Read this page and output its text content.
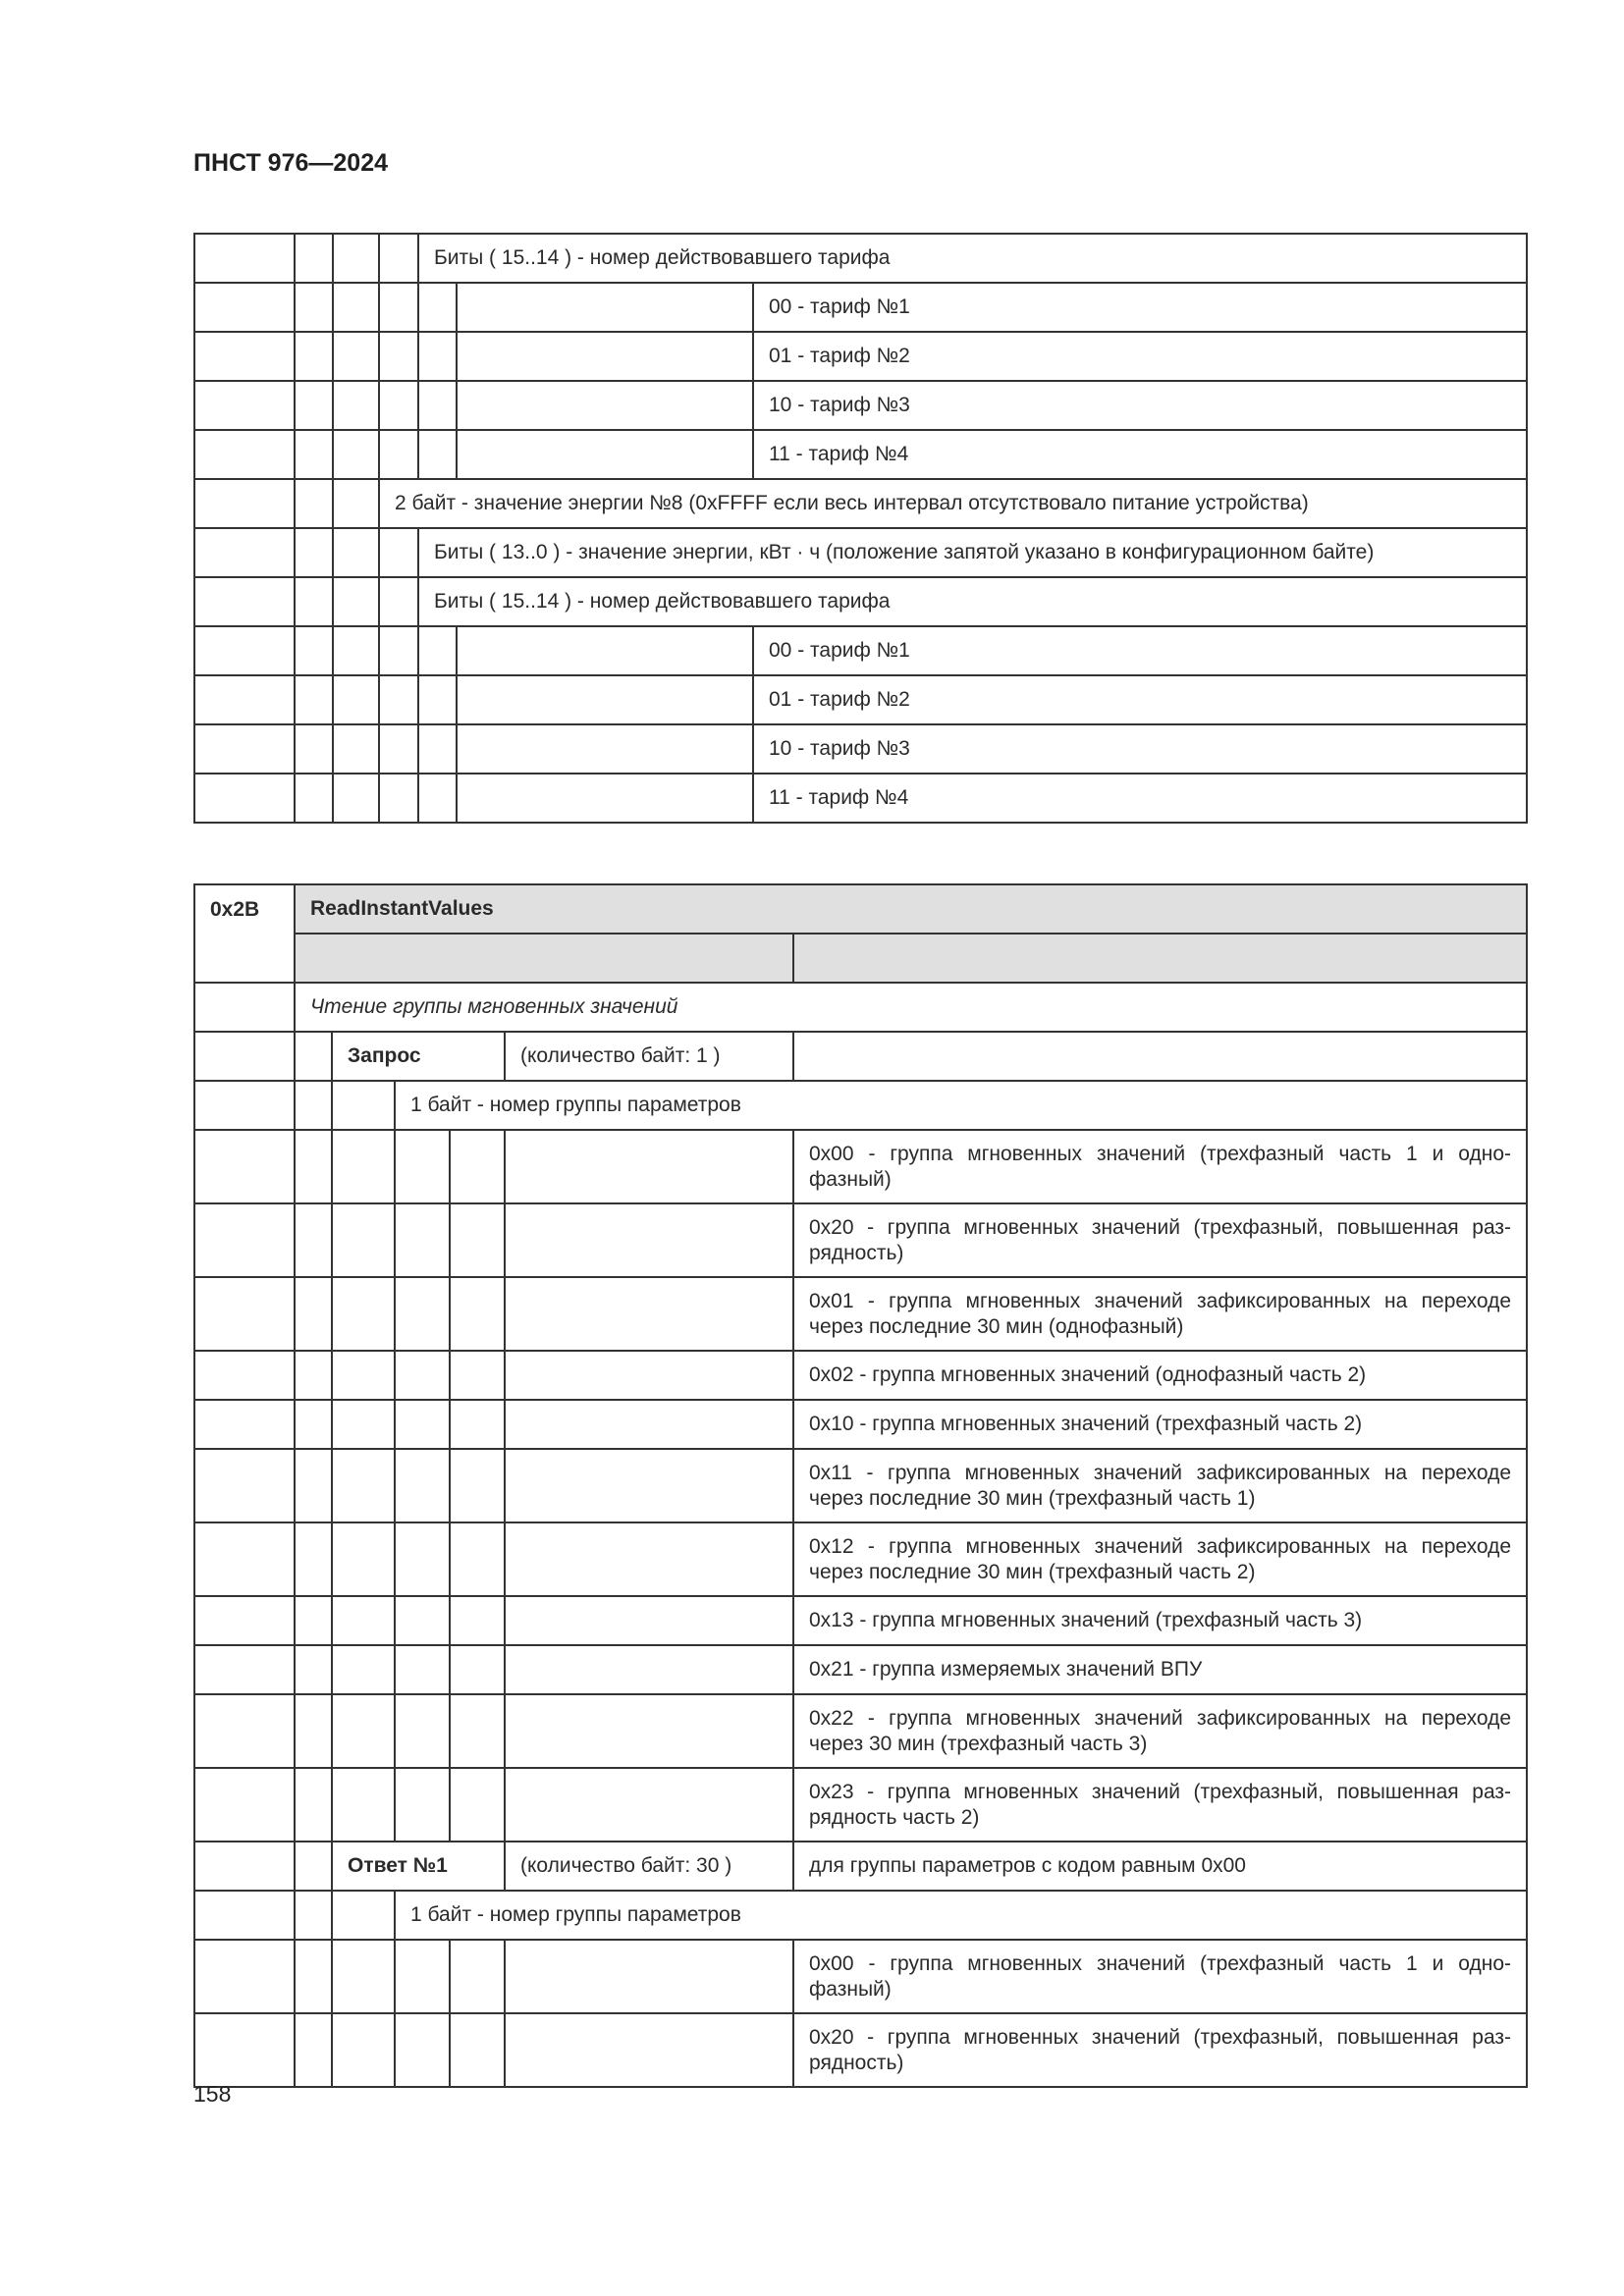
ПНСТ 976—2024
				Биты ( 15..14 ) - номер действовавшего тарифа		
						00 - тариф №1
						01 - тариф №2
						10 - тариф №3
						11 - тариф №4
			2 байт - значение энергии №8 (0xFFFF если весь интервал отсутствовало питание устройства)			
				Биты ( 13..0 ) - значение энергии, кВт · ч (положение запятой указано в конфигурационном байте)		
				Биты ( 15..14 ) - номер действовавшего тарифа		
						00 - тариф №1
						01 - тариф №2
						10 - тариф №3
						11 - тариф №4
0x2B	ReadInstantValues					

	Чтение группы мгновенных значений					
		Запрос			(количество байт: 1 )	
			1 байт - номер группы параметров			
						0x00 - группа мгновенных значений (трехфазный часть 1 и одно- фазный)
						0x20 - группа мгновенных значений (трехфазный, повышенная раз- рядность)
						0x01 - группа мгновенных значений зафиксированных на переходе через последние 30 мин (однофазный)
						0x02 - группа мгновенных значений (однофазный часть 2)
						0x10 - группа мгновенных значений (трехфазный часть 2)
						0x11 - группа мгновенных значений зафиксированных на переходе через последние 30 мин (трехфазный часть 1)
						0x12 - группа мгновенных значений зафиксированных на переходе через последние 30 мин (трехфазный часть 2)
						0x13 - группа мгновенных значений (трехфазный часть 3)
						0x21 - группа измеряемых значений ВПУ
						0x22 - группа мгновенных значений зафиксированных на переходе через 30 мин (трехфазный часть 3)
						0x23 - группа мгновенных значений (трехфазный, повышенная раз- рядность часть 2)
		Ответ №1			(количество байт: 30 )	для группы параметров с кодом равным 0x00
			1 байт - номер группы параметров			
						0x00 - группа мгновенных значений (трехфазный часть 1 и одно- фазный)
						0x20 - группа мгновенных значений (трехфазный, повышенная раз- рядность)
158
